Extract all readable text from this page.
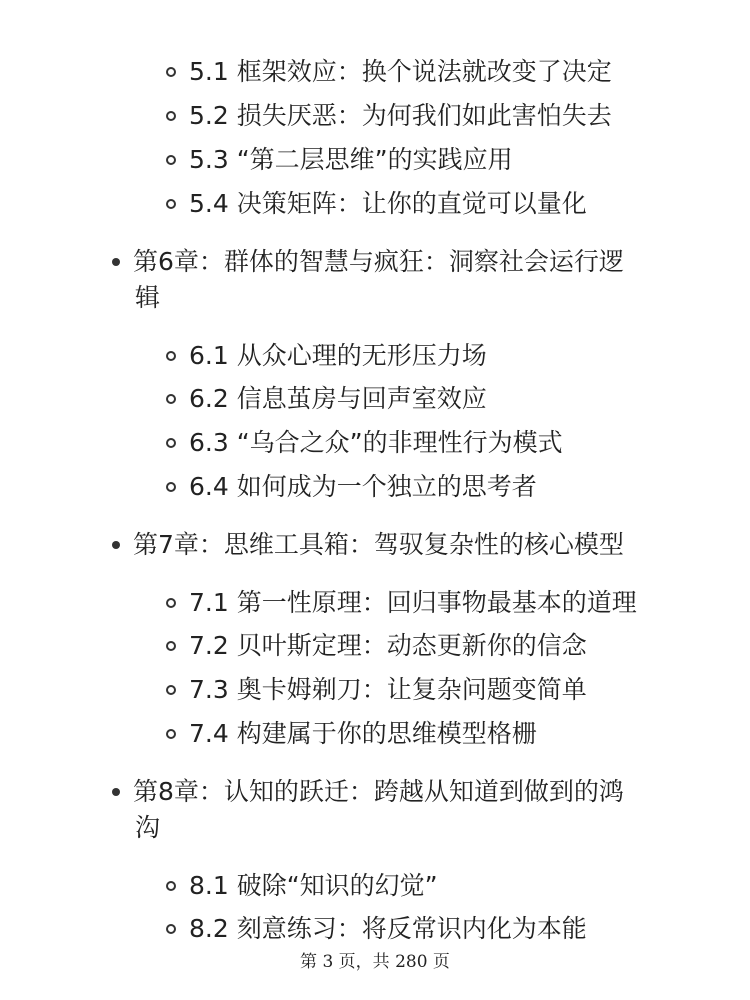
5.1 框架效应：换个说法就改变了决定
5.2 损失厌恶：为何我们如此害怕失去
5.3 “第二层思维”的实践应用
5.4 决策矩阵：让你的直觉可以量化
第6章：群体的智慧与疯狂：洞察社会运行逻
辑
6.1 从众心理的无形压力场
6.2 信息茧房与回声室效应
6.3 “乌合之众”的非理性行为模式
6.4 如何成为一个独立的思考者
第7章：思维工具箱：驾驭复杂性的核心模型
7.1 第一性原理：回归事物最基本的道理
7.2 贝叶斯定理：动态更新你的信念
7.3 奥卡姆剃刀：让复杂问题变简单
7.4 构建属于你的思维模型格栅
第8章：认知的跃迁：跨越从知道到做到的鸿
沟
8.1 破除“知识的幻觉”
8.2 刻意练习：将反常识内化为本能
第 3 页，共 280 页
